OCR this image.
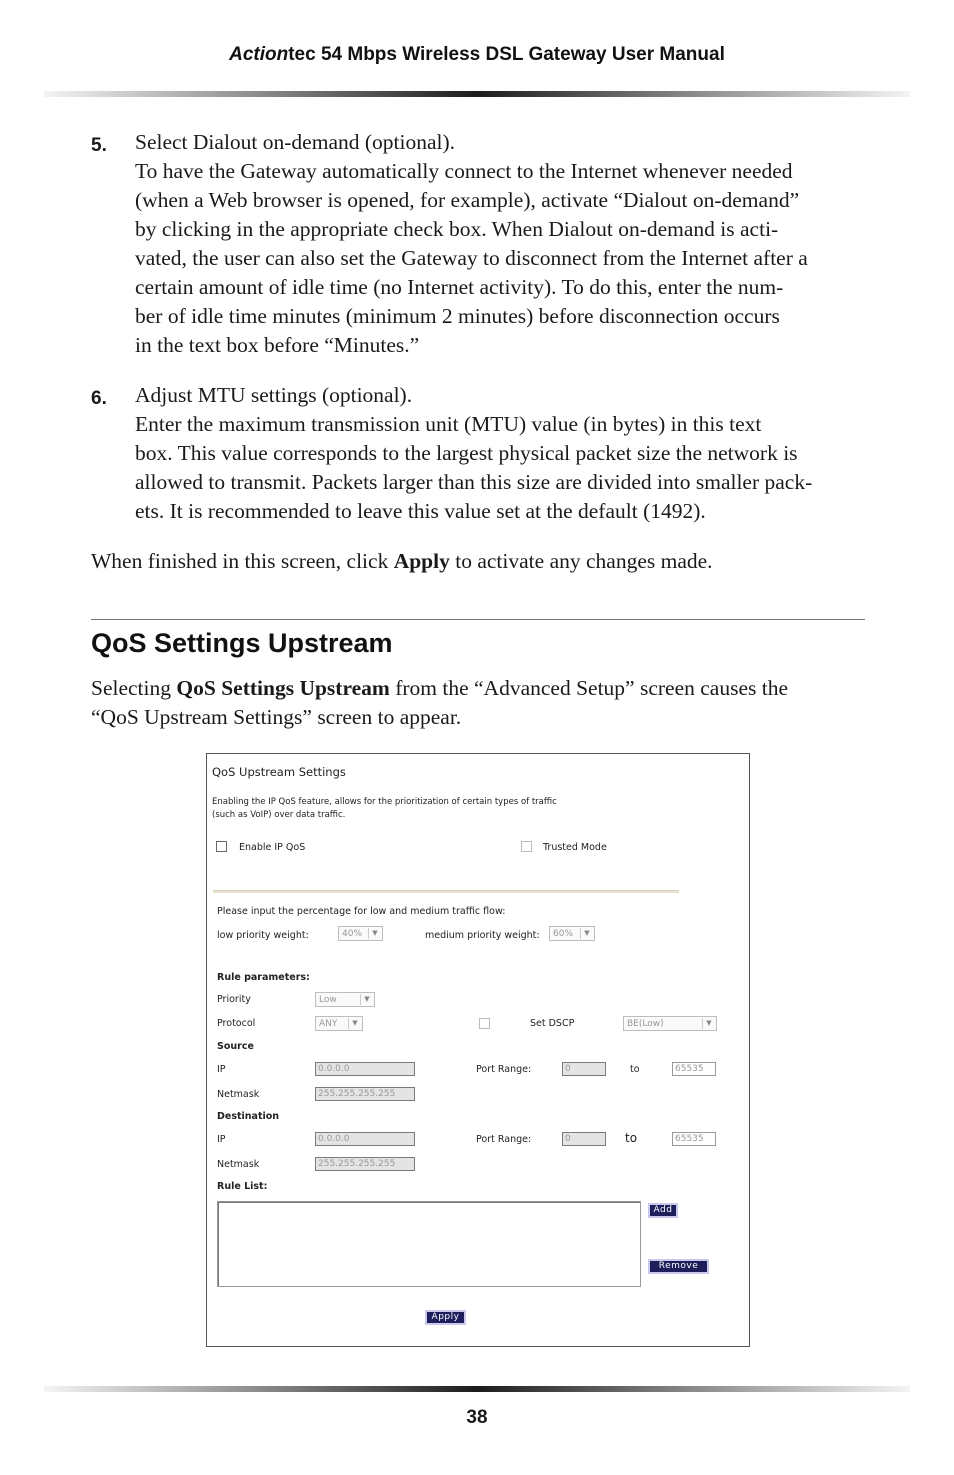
Actiontec 54 Mbps Wireless DSL Gateway User Manual
5. Select Dialout on-demand (optional).
To have the Gateway automatically connect to the Internet whenever needed
(when a Web browser is opened, for example), activate “Dialout on-demand”
by clicking in the appropriate check box. When Dialout on-demand is acti-
vated, the user can also set the Gateway to disconnect from the Internet after a
certain amount of idle time (no Internet activity). To do this, enter the num-
ber of idle time minutes (minimum 2 minutes) before disconnection occurs
in the text box before “Minutes.”
6. Adjust MTU settings (optional).
Enter the maximum transmission unit (MTU) value (in bytes) in this text
box. This value corresponds to the largest physical packet size the network is
allowed to transmit. Packets larger than this size are divided into smaller pack-
ets. It is recommended to leave this value set at the default (1492).
When finished in this screen, click Apply to activate any changes made.
QoS Settings Upstream
Selecting QoS Settings Upstream from the “Advanced Setup” screen causes the
“QoS Upstream Settings” screen to appear.
QoS Upstream Settings
Enabling the IP QoS feature, allows for the prioritization of certain types of traffic
(such as VoIP) over data traffic.
Enable IP QoS	Trusted Mode
Please input the percentage for low and medium traffic flow:
low priority weight:	40%	▼	medium priority weight:	60%	▼
Rule parameters:
Priority	Low	▼
Protocol	ANY	▼	Set DSCP	BE(Low)	▼
Source
IP	0.0.0.0	Port Range:	0	to	65535
Netmask	255.255.255.255
Destination
IP	0.0.0.0	Port Range:	0	to	65535
Netmask	255.255.255.255
Rule List:
Add
Remove
Apply
38
